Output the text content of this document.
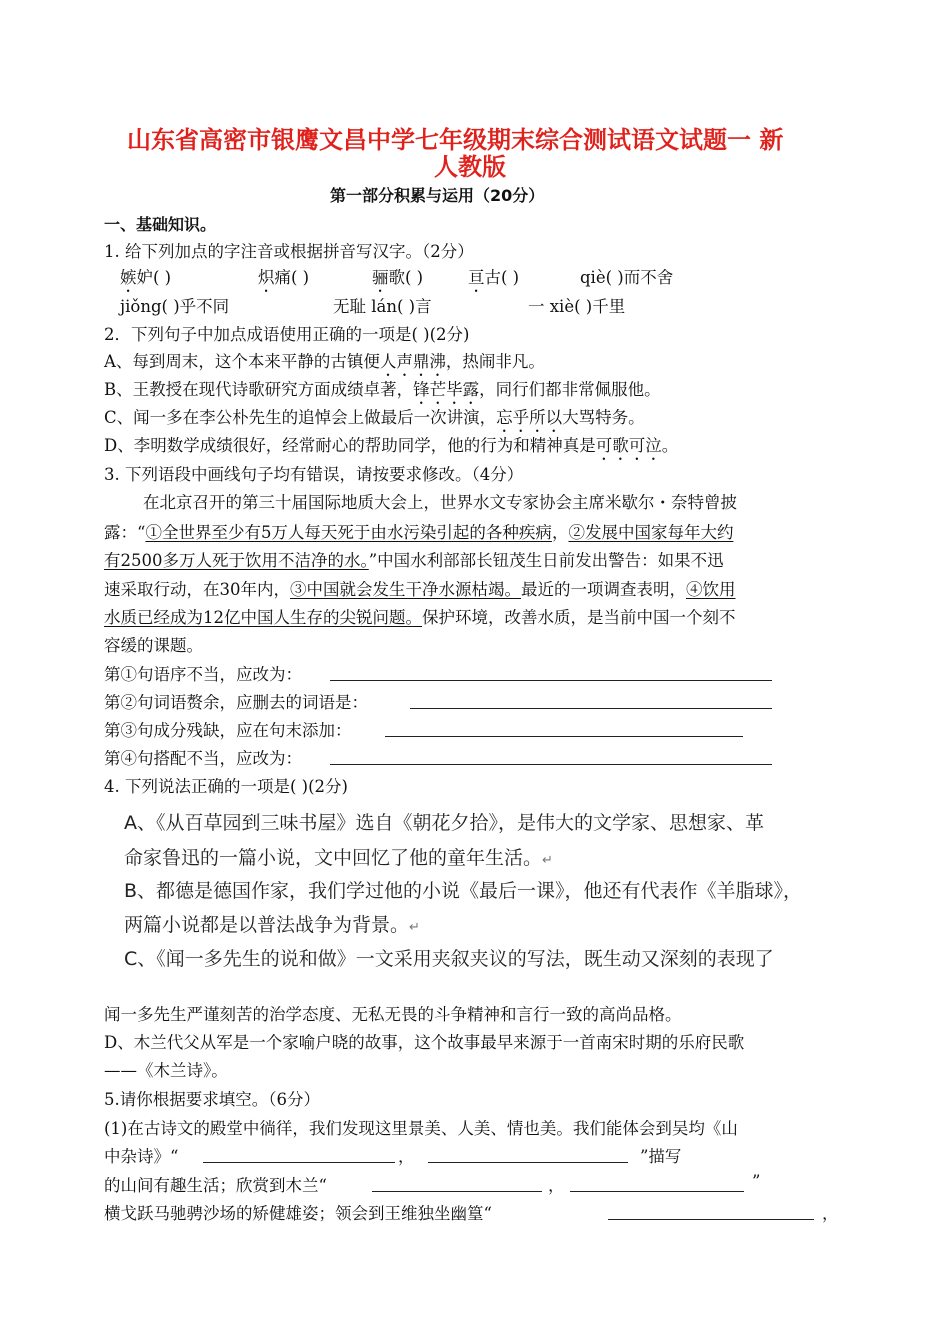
山东省高密市银鹰文昌中学七年级期末综合测试语文试题一 新
人教版
第一部分积累与运用（20分）
一、基础知识。
1. 给下列加点的字注音或根据拼音写汉字。（2分）
嫉妒( )	炽痛( )	骊歌( )	亘古( )	qiè( )而不舍
jiǒng( )乎不同	无耻 lán( )言	一 xiè( )千里
2．下列句子中加点成语使用正确的一项是( )(2分)
A、每到周末，这个本来平静的古镇便人声鼎沸，热闹非凡。
B、王教授在现代诗歌研究方面成绩卓著，锋芒毕露，同行们都非常佩服他。
C、闻一多在李公朴先生的追悼会上做最后一次讲演，忘乎所以大骂特务。
D、李明数学成绩很好，经常耐心的帮助同学，他的行为和精神真是可歌可泣。
3. 下列语段中画线句子均有错误，请按要求修改。（4分）
在北京召开的第三十届国际地质大会上，世界水文专家协会主席米歇尔・奈特曾披
露：“①全世界至少有5万人每天死于由水污染引起的各种疾病，②发展中国家每年大约
有2500多万人死于饮用不洁净的水。”中国水利部部长钮茂生日前发出警告：如果不迅
速采取行动，在30年内，③中国就会发生干净水源枯竭。最近的一项调查表明，④饮用
水质已经成为12亿中国人生存的尖锐问题。保护环境，改善水质，是当前中国一个刻不
容缓的课题。
第①句语序不当，应改为：
第②句词语赘余，应删去的词语是：
第③句成分残缺，应在句末添加：
第④句搭配不当，应改为：
4. 下列说法正确的一项是( )(2分)
A、《从百草园到三味书屋》选自《朝花夕拾》，是伟大的文学家、思想家、革
命家鲁迅的一篇小说，文中回忆了他的童年生活。↵
B、都德是德国作家，我们学过他的小说《最后一课》，他还有代表作《羊脂球》，
两篇小说都是以普法战争为背景。↵
C、《闻一多先生的说和做》一文采用夹叙夹议的写法，既生动又深刻的表现了
闻一多先生严谨刻苦的治学态度、无私无畏的斗争精神和言行一致的高尚品格。
D、木兰代父从军是一个家喻户晓的故事，这个故事最早来源于一首南宋时期的乐府民歌
——《木兰诗》。
5.请你根据要求填空。（6分）
(1)在古诗文的殿堂中徜徉，我们发现这里景美、人美、情也美。我们能体会到吴均《山
中杂诗》“	，	”描写
的山间有趣生活；欣赏到木兰“	，	”
横戈跃马驰骋沙场的矫健雄姿；领会到王维独坐幽篁“	，
